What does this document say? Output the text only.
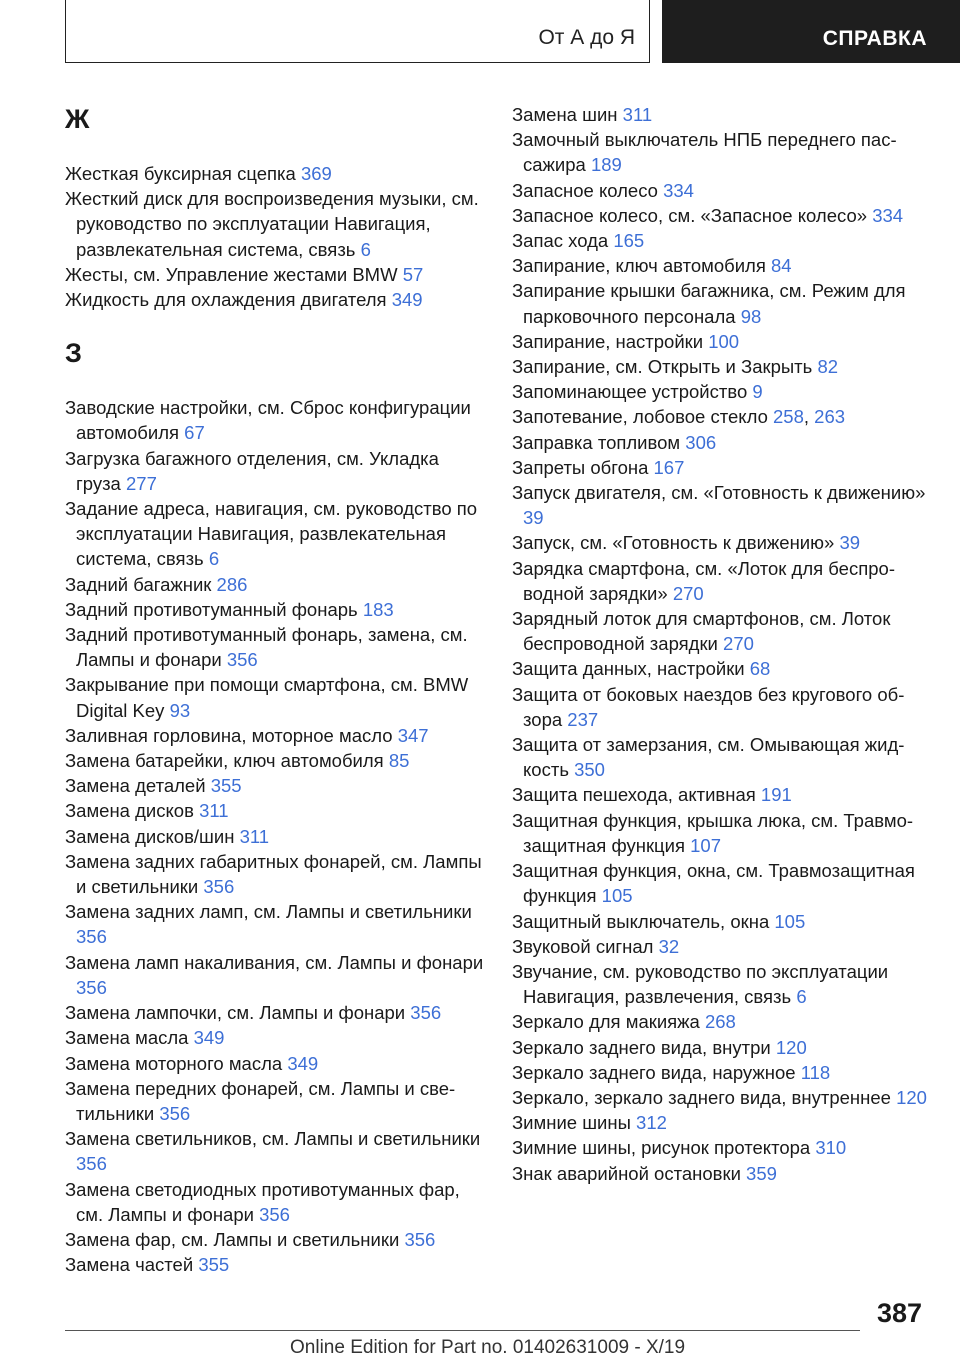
От А до Я	СПРАВКА
Ж
Жесткая буксирная сцепка 369
Жесткий диск для воспроизведения музыки, см. руководство по эксплуатации Навигация, развлекательная система, связь 6
Жесты, см. Управление жестами BMW 57
Жидкость для охлаждения двигателя 349
З
Заводские настройки, см. Сброс конфигурации автомобиля 67
Загрузка багажного отделения, см. Укладка груза 277
Задание адреса, навигация, см. руководство по эксплуатации Навигация, развлекательная система, связь 6
Задний багажник 286
Задний противотуманный фонарь 183
Задний противотуманный фонарь, замена, см. Лампы и фонари 356
Закрывание при помощи смартфона, см. BMW Digital Key 93
Заливная горловина, моторное масло 347
Замена батарейки, ключ автомобиля 85
Замена деталей 355
Замена дисков 311
Замена дисков/шин 311
Замена задних габаритных фонарей, см. Лампы и светильники 356
Замена задних ламп, см. Лампы и светильники 356
Замена ламп накаливания, см. Лампы и фонари 356
Замена лампочки, см. Лампы и фонари 356
Замена масла 349
Замена моторного масла 349
Замена передних фонарей, см. Лампы и светильники 356
Замена светильников, см. Лампы и светильники 356
Замена светодиодных противотуманных фар, см. Лампы и фонари 356
Замена фар, см. Лампы и светильники 356
Замена частей 355
Замена шин 311
Замочный выключатель НПБ переднего пассажира 189
Запасное колесо 334
Запасное колесо, см. «Запасное колесо» 334
Запас хода 165
Запирание, ключ автомобиля 84
Запирание крышки багажника, см. Режим для парковочного персонала 98
Запирание, настройки 100
Запирание, см. Открыть и Закрыть 82
Запоминающее устройство 9
Запотевание, лобовое стекло 258, 263
Заправка топливом 306
Запреты обгона 167
Запуск двигателя, см. «Готовность к движению» 39
Запуск, см. «Готовность к движению» 39
Зарядка смартфона, см. «Лоток для беспроводной зарядки» 270
Зарядный лоток для смартфонов, см. Лоток беспроводной зарядки 270
Защита данных, настройки 68
Защита от боковых наездов без кругового обзора 237
Защита от замерзания, см. Омывающая жидкость 350
Защита пешехода, активная 191
Защитная функция, крышка люка, см. Травмозащитная функция 107
Защитная функция, окна, см. Травмозащитная функция 105
Защитный выключатель, окна 105
Звуковой сигнал 32
Звучание, см. руководство по эксплуатации Навигация, развлечения, связь 6
Зеркало для макияжа 268
Зеркало заднего вида, внутри 120
Зеркало заднего вида, наружное 118
Зеркало, зеркало заднего вида, внутреннее 120
Зимние шины 312
Зимние шины, рисунок протектора 310
Знак аварийной остановки 359
387
Online Edition for Part no. 01402631009 - X/19
